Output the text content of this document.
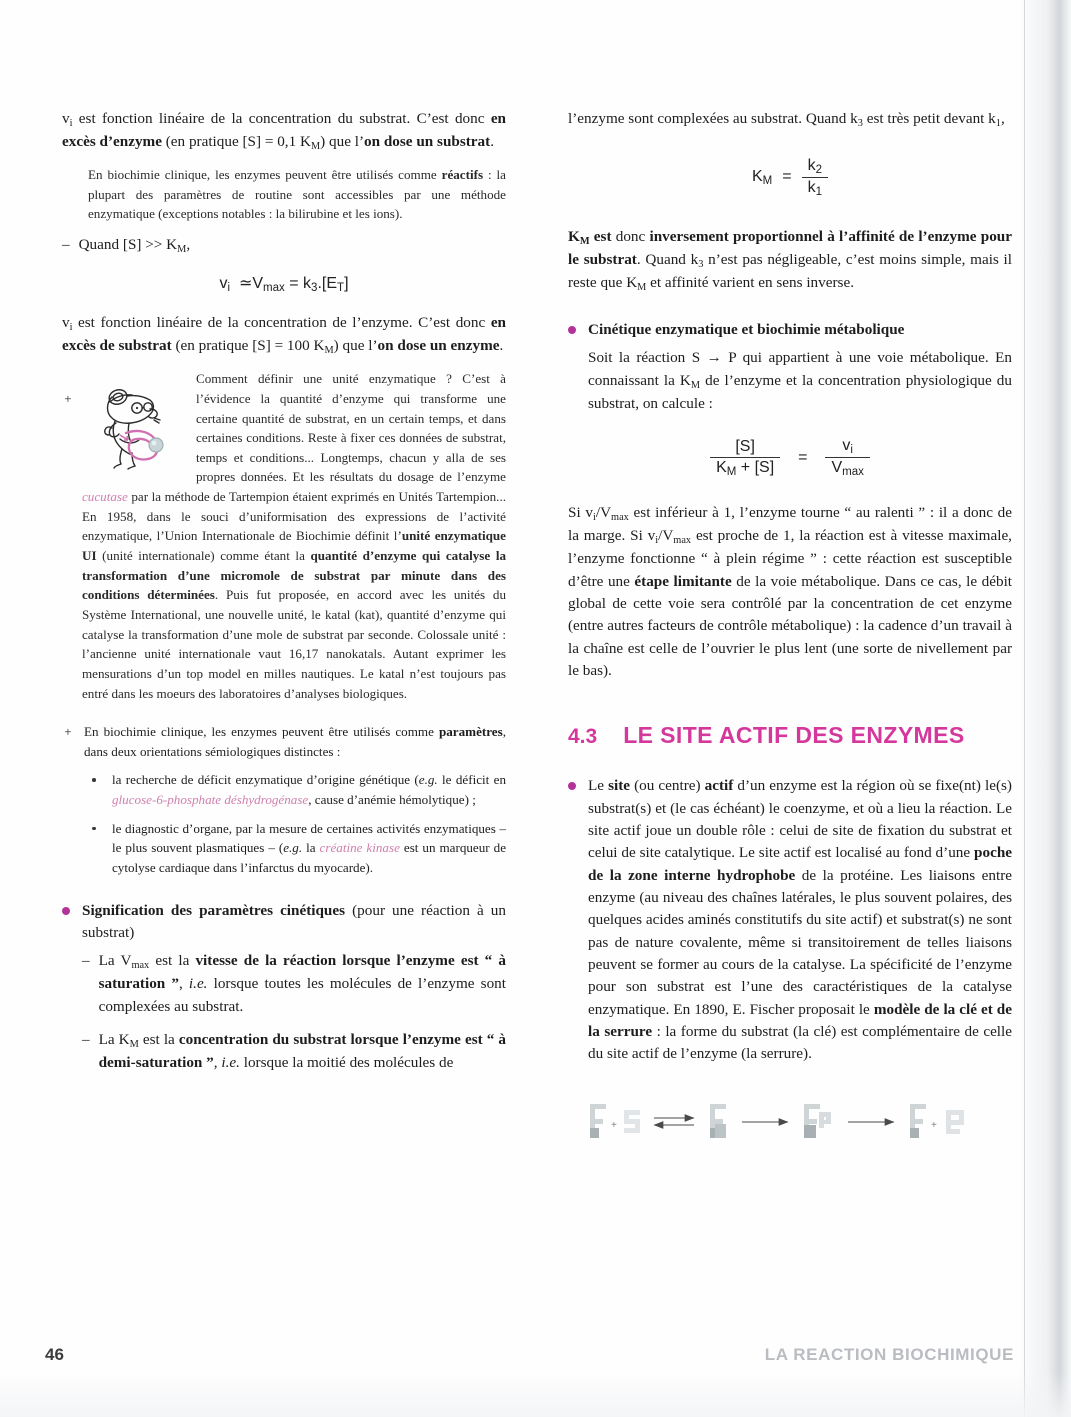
$v_i$ est fonction linéaire de la concentration du substrat. C’est donc en excès d’enzyme (en pratique [S] = 0,1 $K_M$) que l’on dose un substrat.

En biochimie clinique, les enzymes peuvent être utilisés comme réactifs : la plupart des paramètres de routine sont accessibles par une méthode enzymatique (exceptions notables : la bilirubine et les ions).

– Quand $[S] >> K_M$,
vi ≃Vmax = k3.[ET]

$v_i$ est fonction linéaire de la concentration de l’enzyme. C’est donc en excès de substrat (en pratique [S] = 100 $K_M$) que l’on dose un enzyme.

+
Comment définir une unité enzymatique ? C’est à l’évidence la quantité d’enzyme qui transforme une certaine quantité de substrat, en un certain temps, et dans certaines conditions. Reste à fixer ces données de substrat, temps et conditions... Longtemps, chacun y alla de ses propres données. Et les résultats du dosage de l’enzyme cucutase par la méthode de Tartempion étaient exprimés en Unités Tartempion... En 1958, dans le souci d’uniformisation des expressions de l’activité enzymatique, l’Union Internationale de Biochimie définit l’unité enzymatique UI (unité internationale) comme étant la quantité d’enzyme qui catalyse la transformation d’une micromole de substrat par minute dans des conditions déterminées. Puis fut proposée, en accord avec les unités du Système International, une nouvelle unité, le katal (kat), quantité d’enzyme qui catalyse la transformation d’une mole de substrat par seconde. Colossale unité : l’ancienne unité internationale vaut 16,17 nanokatals. Autant exprimer les mensurations d’un top model en milles nautiques. Le katal n’est toujours pas entré dans les moeurs des laboratoires d’analyses biologiques.
+ En biochimie clinique, les enzymes peuvent être utilisés comme paramètres, dans deux orientations sémiologiques distinctes :
la recherche de déficit enzymatique d’origine génétique (e.g. le déficit en glucose-6-phosphate déshydrogénase, cause d’anémie hémolytique) ;
le diagnostic d’organe, par la mesure de certaines activités enzymatiques – le plus souvent plasmatiques – (e.g. la créatine kinase est un marqueur de cytolyse cardiaque dans l’infarctus du myocarde).
Signification des paramètres cinétiques (pour une réaction à un substrat)
– La $V_{max}$ est la vitesse de la réaction lorsque l’enzyme est “ à saturation ”, i.e. lorsque toutes les molécules de l’enzyme sont complexées au substrat.
– La $K_M$ est la concentration du substrat lorsque l’enzyme est “ à demi-saturation ”, i.e. lorsque la moitié des molécules de

l’enzyme sont complexées au substrat. Quand $k_3$ est très petit devant $k_1$,

KM = $\frac{k2}{k1}$

$K_M$ est donc inversement proportionnel à l’affinité de l’enzyme pour le substrat. Quand $k_3$ n’est pas négligeable, c’est moins simple, mais il reste que $K_M$ et affinité varient en sens inverse.

Cinétique enzymatique et biochimie métabolique

Soit la réaction S → P qui appartient à une voie métabolique. En connaissant la $K_M$ de l’enzyme et la concentration physiologique du substrat, on calcule :

$\frac{[S]}{KM + [S]} = \frac{vi}{Vmax}$

Si $v_i/V_{max}$ est inférieur à 1, l’enzyme tourne “ au ralenti ” : il a donc de la marge. Si $v_i/V_{max}$ est proche de 1, la réaction est à vitesse maximale, l’enzyme fonctionne “ à plein régime ” : cette réaction est susceptible d’être une étape limitante de la voie métabolique. Dans ce cas, le débit global de cette voie sera contrôlé par la concentration de cet enzyme (entre autres facteurs de contrôle métabolique) : la cadence d’un travail à la chaîne est celle de l’ouvrier le plus lent (une sorte de nivellement par le bas).

4.3 LE SITE ACTIF DES ENZYMES
Le site (ou centre) actif d’un enzyme est la région où se fixe(nt) le(s) substrat(s) et (le cas échéant) le coenzyme, et où a lieu la réaction. Le site actif joue un double rôle : celui de site de fixation du substrat et celui de site catalytique. Le site actif est localisé au fond d’une poche de la zone interne hydrophobe de la protéine. Les liaisons entre enzyme (au niveau des chaînes latérales, le plus souvent polaires, des quelques acides aminés constitutifs du site actif) et substrat(s) ne sont pas de nature covalente, même si transitoirement de telles liaisons peuvent se former au cours de la catalyse. La spécificité de l’enzyme pour son substrat est l’une des caractéristiques de la catalyse enzymatique. En 1890, E. Fischer proposait le modèle de la clé et de la serrure : la forme du substrat (la clé) est complémentaire de celle du site actif de l’enzyme (la serrure).
+	+
46	LA REACTION BIOCHIMIQUE
